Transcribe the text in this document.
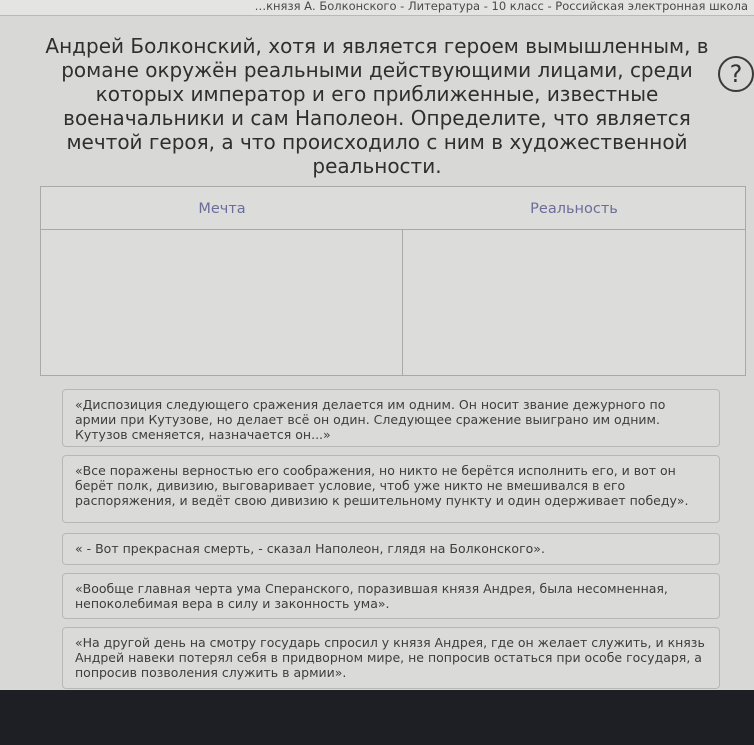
…князя А. Болконского - Литература - 10 класс - Российская электронная школа
Андрей Болконский, хотя и является героем вымышленным, в романе окружён реальными действующими лицами, среди которых император и его приближенные, известные военачальники и сам Наполеон. Определите, что является мечтой героя, а что происходило с ним в художественной реальности.
?
Мечта	Реальность
«Диспозиция следующего сражения делается им одним. Он носит звание дежурного по армии при Кутузове, но делает всё он один. Следующее сражение выиграно им одним. Кутузов сменяется, назначается он...»
«Все поражены верностью его соображения, но никто не берётся исполнить его, и вот он берёт полк, дивизию, выговаривает условие, чтоб уже никто не вмешивался в его распоряжения, и ведёт свою дивизию к решительному пункту и один одерживает победу».
« - Вот прекрасная смерть, - сказал Наполеон, глядя на Болконского».
«Вообще главная черта ума Сперанского, поразившая князя Андрея, была несомненная, непоколебимая вера в силу и законность ума».
«На другой день на смотру государь спросил у князя Андрея, где он желает служить, и князь Андрей навеки потерял себя в придворном мире, не попросив остаться при особе государя, а попросив позволения служить в армии».
